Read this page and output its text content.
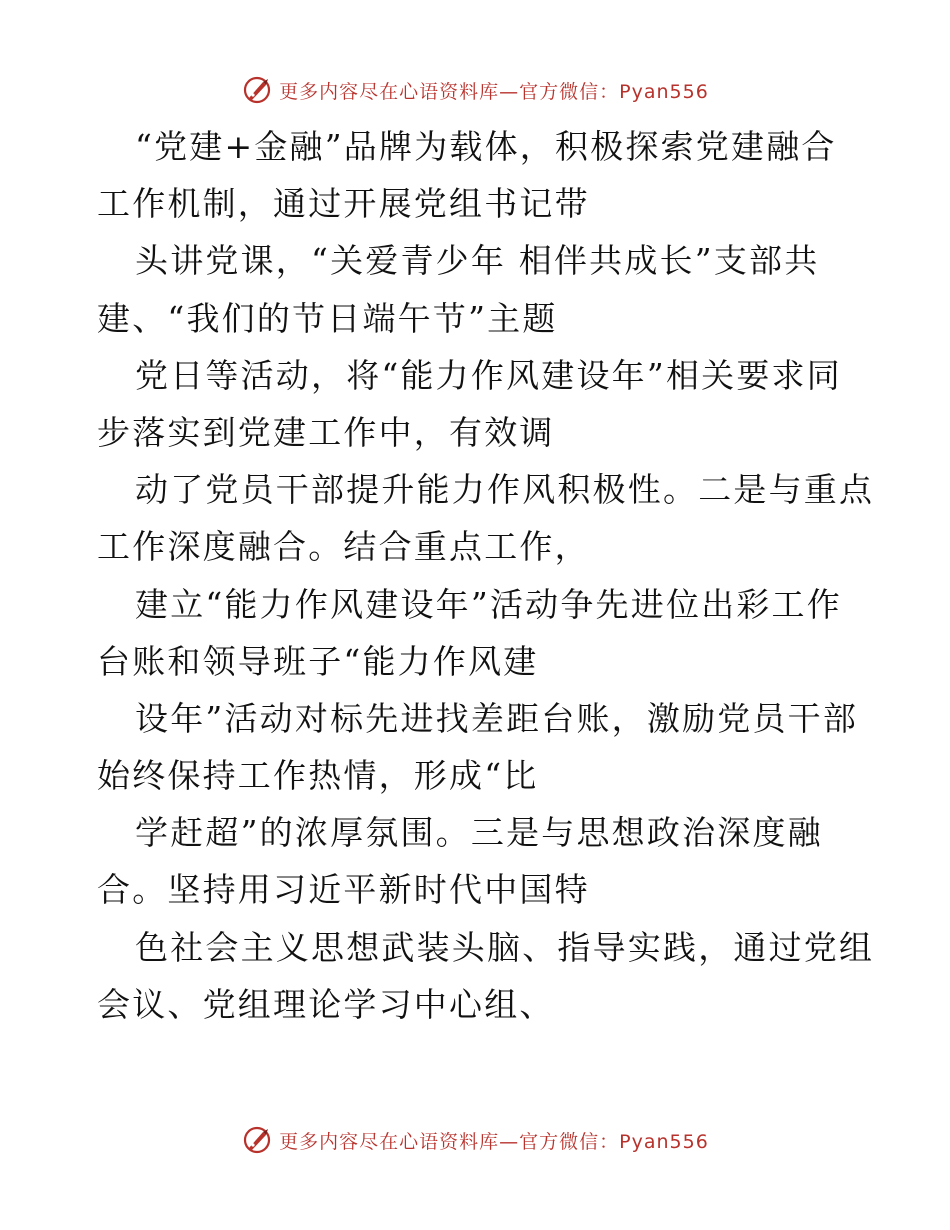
更多内容尽在心语资料库—官方微信：Pyan556
“党建+金融”品牌为载体，积极探索党建融合
工作机制，通过开展党组书记带
头讲党课，“关爱青少年 相伴共成长”支部共
建、“我们的节日端午节”主题
党日等活动，将“能力作风建设年”相关要求同
步落实到党建工作中，有效调
动了党员干部提升能力作风积极性。二是与重点
工作深度融合。结合重点工作，
建立“能力作风建设年”活动争先进位出彩工作
台账和领导班子“能力作风建
设年”活动对标先进找差距台账，激励党员干部
始终保持工作热情，形成“比
学赶超”的浓厚氛围。三是与思想政治深度融
合。坚持用习近平新时代中国特
色社会主义思想武装头脑、指导实践，通过党组
会议、党组理论学习中心组、
更多内容尽在心语资料库—官方微信：Pyan556
